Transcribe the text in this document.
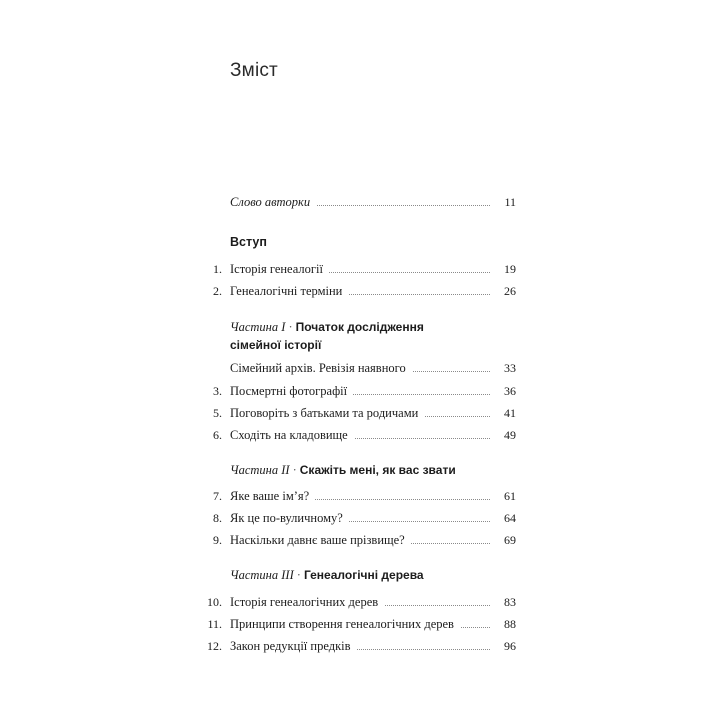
Зміст
Слово авторки	11
Вступ
1. Історія генеалогії	19
2. Генеалогічні терміни	26
Частина I · Початок дослідження сімейної історії
Сімейний архів. Ревізія наявного	33
3. Посмертні фотографії	36
5. Поговоріть з батьками та родичами	41
6. Сходіть на кладовище	49
Частина II · Скажіть мені, як вас звати
7. Яке ваше ім’я?	61
8. Як це по-вуличному?	64
9. Наскільки давнє ваше прізвище?	69
Частина III · Генеалогічні дерева
10. Історія генеалогічних дерев	83
11. Принципи створення генеалогічних дерев	88
12. Закон редукції предків	96
